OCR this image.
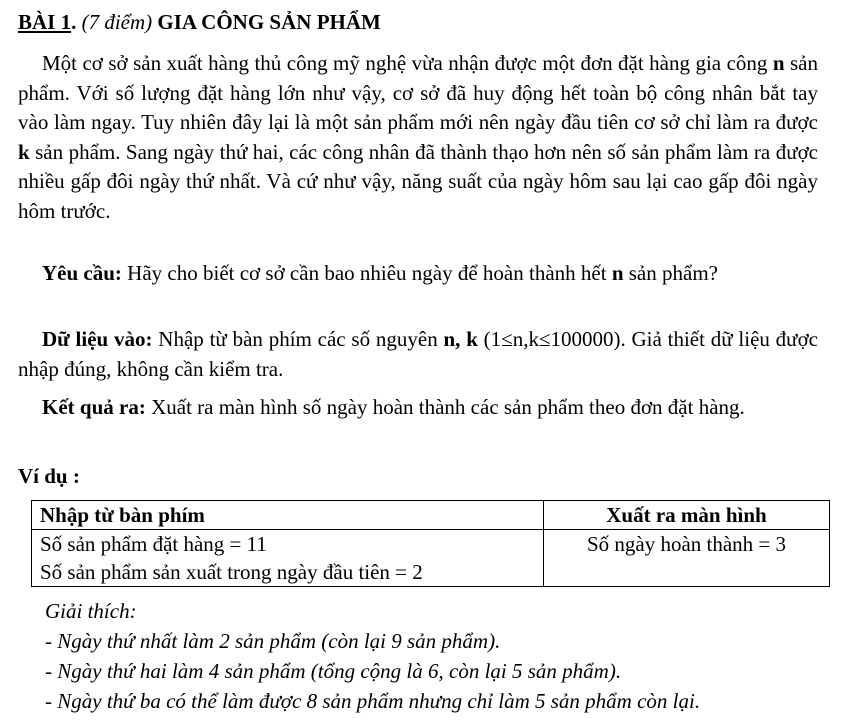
BÀI 1. (7 điểm) GIA CÔNG SẢN PHẨM

Một cơ sở sản xuất hàng thủ công mỹ nghệ vừa nhận được một đơn đặt hàng gia công n sản phẩm. Với số lượng đặt hàng lớn như vậy, cơ sở đã huy động hết toàn bộ công nhân bắt tay vào làm ngay. Tuy nhiên đây lại là một sản phẩm mới nên ngày đầu tiên cơ sở chỉ làm ra được k sản phẩm. Sang ngày thứ hai, các công nhân đã thành thạo hơn nên số sản phẩm làm ra được nhiều gấp đôi ngày thứ nhất. Và cứ như vậy, năng suất của ngày hôm sau lại cao gấp đôi ngày hôm trước.

Yêu cầu: Hãy cho biết cơ sở cần bao nhiêu ngày để hoàn thành hết n sản phẩm?

Dữ liệu vào: Nhập từ bàn phím các số nguyên n, k (1≤n,k≤100000). Giả thiết dữ liệu được nhập đúng, không cần kiểm tra.

Kết quả ra: Xuất ra màn hình số ngày hoàn thành các sản phẩm theo đơn đặt hàng.

Ví dụ :
Nhập từ bàn phím	Xuất ra màn hình

Số sản phẩm đặt hàng = 11
Số sản phẩm sản xuất trong ngày đầu tiên = 2	Số ngày hoàn thành = 3
Giải thích:
- Ngày thứ nhất làm 2 sản phẩm (còn lại 9 sản phẩm).
- Ngày thứ hai làm 4 sản phẩm (tổng cộng là 6, còn lại 5 sản phẩm).
- Ngày thứ ba có thể làm được 8 sản phẩm nhưng chỉ làm 5 sản phẩm còn lại.
